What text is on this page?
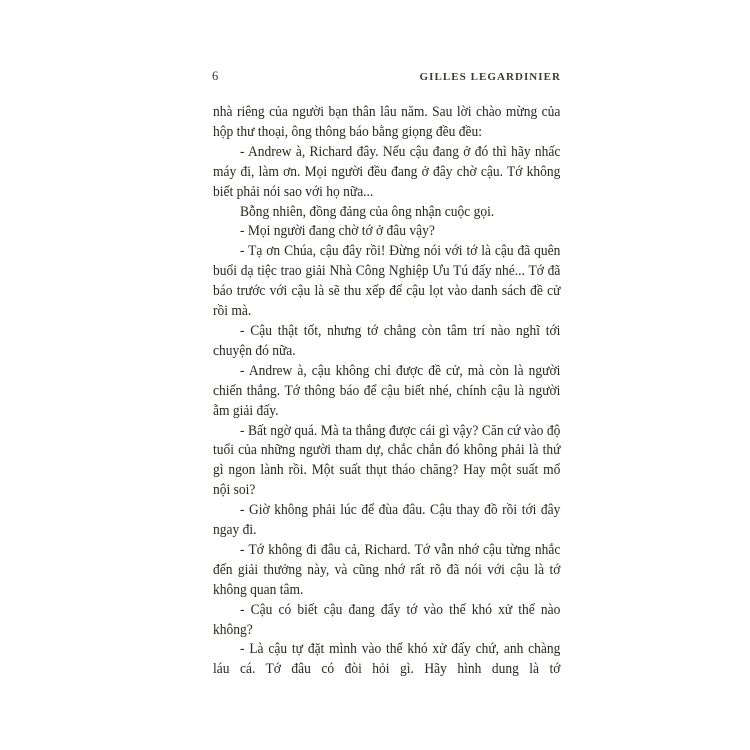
6	GILLES LEGARDINIER

nhà riêng của người bạn thân lâu năm. Sau lời chào mừng của hộp thư thoại, ông thông báo bằng giọng đều đều:

- Andrew à, Richard đây. Nếu cậu đang ở đó thì hãy nhấc máy đi, làm ơn. Mọi người đều đang ở đây chờ cậu. Tớ không biết phải nói sao với họ nữa...

Bỗng nhiên, đồng đảng của ông nhận cuộc gọi.

- Mọi người đang chờ tớ ở đâu vậy?

- Tạ ơn Chúa, cậu đây rồi! Đừng nói với tớ là cậu đã quên buổi dạ tiệc trao giải Nhà Công Nghiệp Ưu Tú đấy nhé... Tớ đã báo trước với cậu là sẽ thu xếp để cậu lọt vào danh sách đề cử rồi mà.

- Cậu thật tốt, nhưng tớ chẳng còn tâm trí nào nghĩ tới chuyện đó nữa.

- Andrew à, cậu không chỉ được đề cử, mà còn là người chiến thắng. Tớ thông báo để cậu biết nhé, chính cậu là người ẵm giải đấy.

- Bất ngờ quá. Mà ta thắng được cái gì vậy? Căn cứ vào độ tuổi của những người tham dự, chắc chắn đó không phải là thứ gì ngon lành rồi. Một suất thụt tháo chăng? Hay một suất mổ nội soi?

- Giờ không phải lúc để đùa đâu. Cậu thay đồ rồi tới đây ngay đi.

- Tớ không đi đâu cả, Richard. Tớ vẫn nhớ cậu từng nhắc đến giải thưởng này, và cũng nhớ rất rõ đã nói với cậu là tớ không quan tâm.

- Cậu có biết cậu đang đẩy tớ vào thế khó xử thế nào không?

- Là cậu tự đặt mình vào thế khó xử đấy chứ, anh chàng láu cá. Tớ đâu có đòi hỏi gì. Hãy hình dung là tớ
